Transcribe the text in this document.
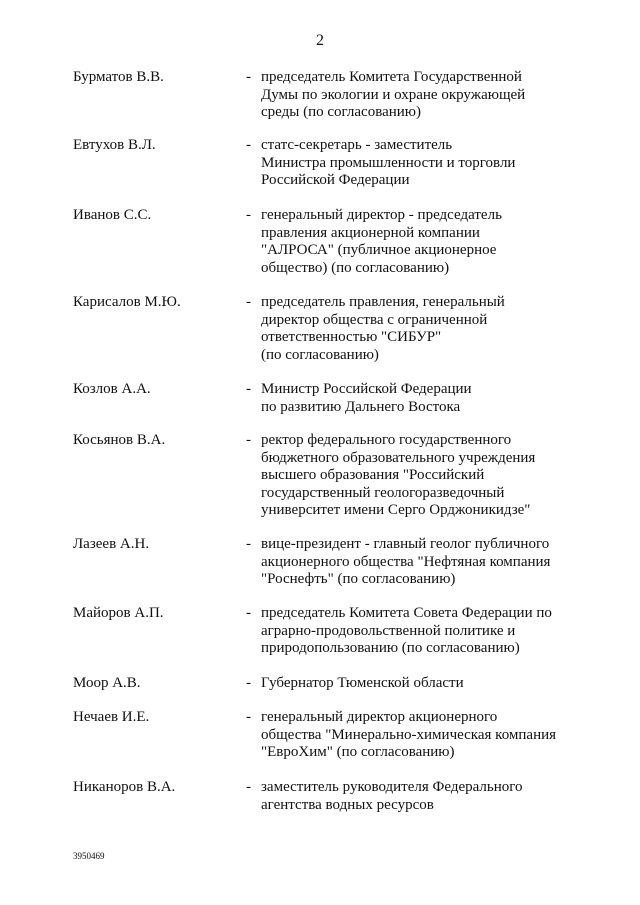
2
Бурматов В.В.	- председатель Комитета Государственной
Думы по экологии и охране окружающей
среды (по согласованию)
Евтухов В.Л.	- статс-секретарь - заместитель
Министра промышленности и торговли
Российской Федерации
Иванов С.С.	- генеральный директор - председатель
правления акционерной компании
"АЛРОСА" (публичное акционерное
общество) (по согласованию)
Карисалов М.Ю.	- председатель правления, генеральный
директор общества с ограниченной
ответственностью "СИБУР"
(по согласованию)
Козлов А.А.	- Министр Российской Федерации
по развитию Дальнего Востока
Косьянов В.А.	- ректор федерального государственного
бюджетного образовательного учреждения
высшего образования "Российский
государственный геологоразведочный
университет имени Серго Орджоникидзе"
Лазеев А.Н.	- вице-президент - главный геолог публичного
акционерного общества "Нефтяная компания
"Роснефть" (по согласованию)
Майоров А.П.	- председатель Комитета Совета Федерации по
аграрно-продовольственной политике и
природопользованию (по согласованию)
Моор А.В.	- Губернатор Тюменской области
Нечаев И.Е.	- генеральный директор акционерного
общества "Минерально-химическая компания
"ЕвроХим" (по согласованию)
Никаноров В.А.	- заместитель руководителя Федерального
агентства водных ресурсов
3950469
